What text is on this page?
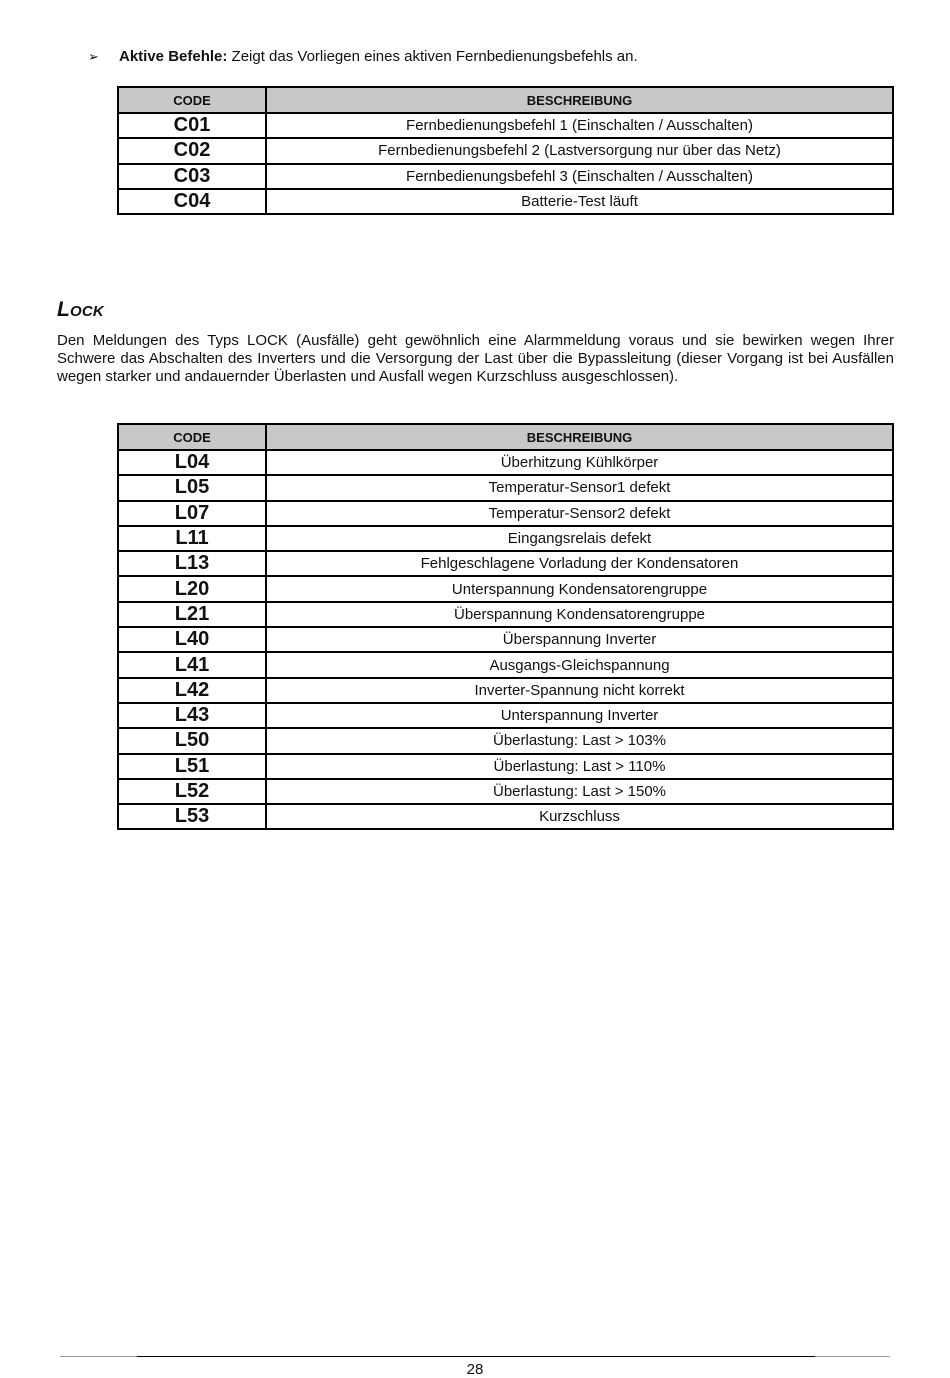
➢ Aktive Befehle: Zeigt das Vorliegen eines aktiven Fernbedienungsbefehls an.
CODE	BESCHREIBUNG
C01	Fernbedienungsbefehl 1 (Einschalten / Ausschalten)
C02	Fernbedienungsbefehl 2 (Lastversorgung nur über das Netz)
C03	Fernbedienungsbefehl 3 (Einschalten / Ausschalten)
C04	Batterie-Test läuft
LOCK

Den Meldungen des Typs LOCK (Ausfälle) geht gewöhnlich eine Alarmmeldung voraus und sie bewirken wegen Ihrer Schwere das Abschalten des Inverters und die Versorgung der Last über die Bypassleitung (dieser Vorgang ist bei Ausfällen wegen starker und andauernder Überlasten und Ausfall wegen Kurzschluss ausgeschlossen).

CODE	BESCHREIBUNG
L04	Überhitzung Kühlkörper
L05	Temperatur-Sensor1 defekt
L07	Temperatur-Sensor2 defekt
L11	Eingangsrelais defekt
L13	Fehlgeschlagene Vorladung der Kondensatoren
L20	Unterspannung Kondensatorengruppe
L21	Überspannung Kondensatorengruppe
L40	Überspannung Inverter
L41	Ausgangs-Gleichspannung
L42	Inverter-Spannung nicht korrekt
L43	Unterspannung Inverter
L50	Überlastung: Last > 103%
L51	Überlastung: Last > 110%
L52	Überlastung: Last > 150%
L53	Kurzschluss
28
